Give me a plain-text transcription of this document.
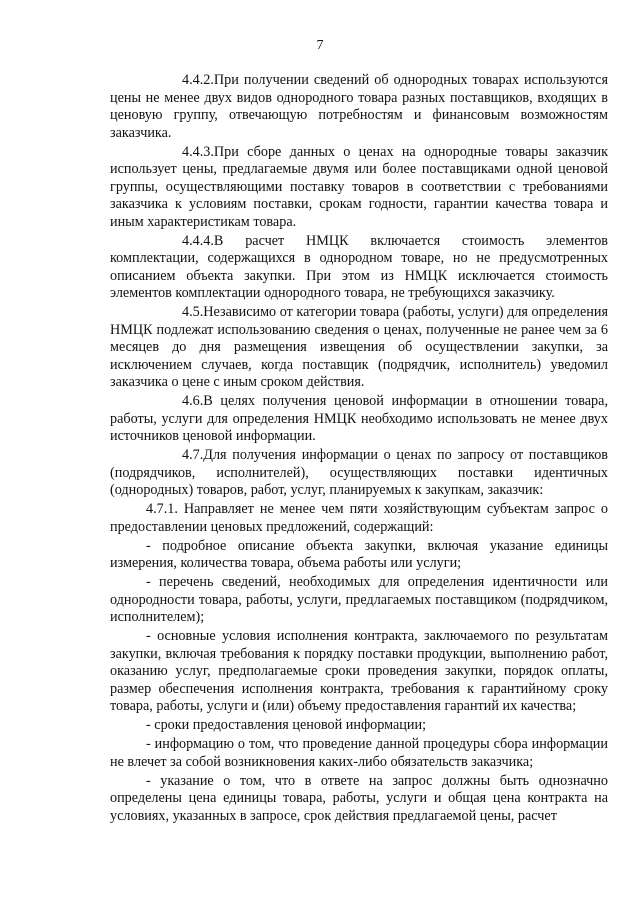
7

4.4.2.При получении сведений об однородных товарах используются цены не менее двух видов однородного товара разных поставщиков, входящих в ценовую группу, отвечающую потребностям и финансовым возможностям заказчика.

4.4.3.При сборе данных о ценах на однородные товары заказчик использует цены, предлагаемые двумя или более поставщиками одной ценовой группы, осуществляющими поставку товаров в соответствии с требованиями заказчика к условиям поставки, срокам годности, гарантии качества товара и иным характеристикам товара.

4.4.4.В расчет НМЦК включается стоимость элементов комплектации, содержащихся в однородном товаре, но не предусмотренных описанием объекта закупки. При этом из НМЦК исключается стоимость элементов комплектации однородного товара, не требующихся заказчику.

4.5.Независимо от категории товара (работы, услуги) для определения НМЦК подлежат использованию сведения о ценах, полученные не ранее чем за 6 месяцев до дня размещения извещения об осуществлении закупки, за исключением случаев, когда поставщик (подрядчик, исполнитель) уведомил заказчика о цене с иным сроком действия.

4.6.В целях получения ценовой информации в отношении товара, работы, услуги для определения НМЦК необходимо использовать не менее двух источников ценовой информации.

4.7.Для получения информации о ценах по запросу от поставщиков (подрядчиков, исполнителей), осуществляющих поставки идентичных (однородных) товаров, работ, услуг, планируемых к закупкам, заказчик:

4.7.1. Направляет не менее чем пяти хозяйствующим субъектам запрос о предоставлении ценовых предложений, содержащий:

- подробное описание объекта закупки, включая указание единицы измерения, количества товара, объема работы или услуги;

- перечень сведений, необходимых для определения идентичности или однородности товара, работы, услуги, предлагаемых поставщиком (подрядчиком, исполнителем);

- основные условия исполнения контракта, заключаемого по результатам закупки, включая требования к порядку поставки продукции, выполнению работ, оказанию услуг, предполагаемые сроки проведения закупки, порядок оплаты, размер обеспечения исполнения контракта, требования к гарантийному сроку товара, работы, услуги и (или) объему предоставления гарантий их качества;

- сроки предоставления ценовой информации;

- информацию о том, что проведение данной процедуры сбора информации не влечет за собой возникновения каких-либо обязательств заказчика;

- указание о том, что в ответе на запрос должны быть однозначно определены цена единицы товара, работы, услуги и общая цена контракта на условиях, указанных в запросе, срок действия предлагаемой цены, расчет
